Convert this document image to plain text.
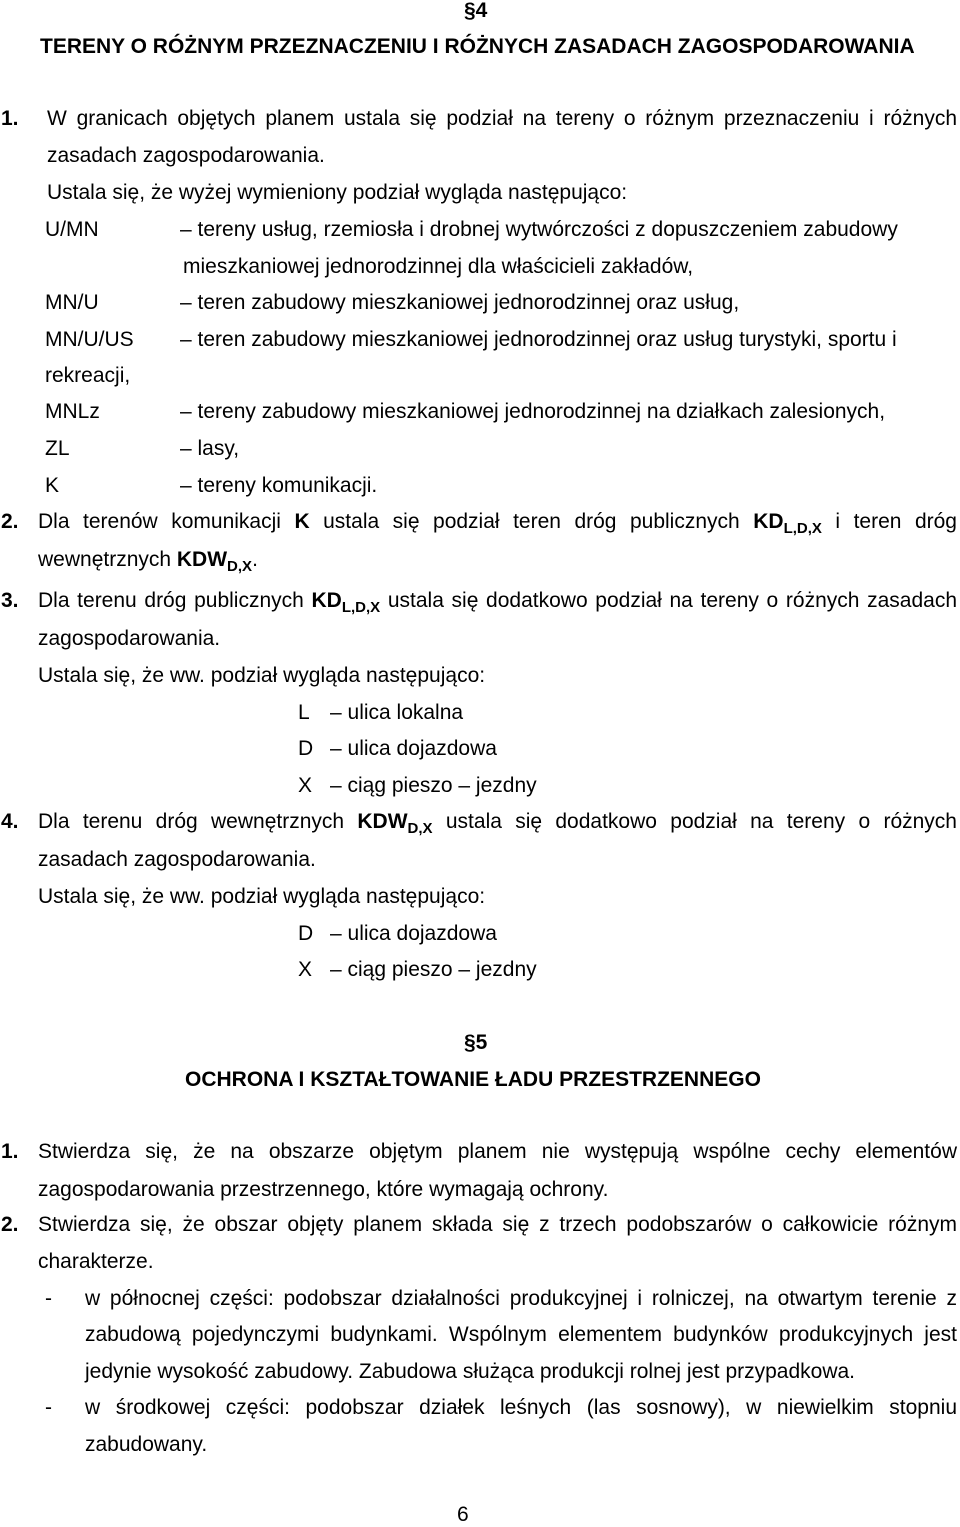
§4
TERENY O RÓŻNYM PRZEZNACZENIU I RÓŻNYCH ZASADACH ZAGOSPODAROWANIA
1. W granicach objętych planem ustala się podział na tereny o różnym przeznaczeniu i różnych
zasadach zagospodarowania.
Ustala się, że wyżej wymieniony podział wygląda następująco:
U/MN	– tereny usług, rzemiosła i drobnej wytwórczości z dopuszczeniem zabudowy
mieszkaniowej jednorodzinnej dla właścicieli zakładów,
MN/U	– teren zabudowy mieszkaniowej jednorodzinnej oraz usług,
MN/U/US – teren zabudowy mieszkaniowej jednorodzinnej oraz usług turystyki, sportu i
rekreacji,
MNLz	– tereny zabudowy mieszkaniowej jednorodzinnej na działkach zalesionych,
ZL	– lasy,
K	– tereny komunikacji.
2. Dla terenów komunikacji K ustala się podział teren dróg publicznych $KD_{L,D,X}$ i teren dróg
wewnętrznych $KDW_{D,X}$.
3. Dla terenu dróg publicznych $KD_{L,D,X}$ ustala się dodatkowo podział na tereny o różnych zasadach
zagospodarowania.
Ustala się, że ww. podział wygląda następująco:
L – ulica lokalna
D – ulica dojazdowa
X – ciąg pieszo – jezdny
4. Dla terenu dróg wewnętrznych $KDW_{D,X}$ ustala się dodatkowo podział na tereny o różnych
zasadach zagospodarowania.
Ustala się, że ww. podział wygląda następująco:
D – ulica dojazdowa
X – ciąg pieszo – jezdny
§5
OCHRONA I KSZTAŁTOWANIE ŁADU PRZESTRZENNEGO
1. Stwierdza się, że na obszarze objętym planem nie występują wspólne cechy elementów
zagospodarowania przestrzennego, które wymagają ochrony.
2. Stwierdza się, że obszar objęty planem składa się z trzech podobszarów o całkowicie różnym
charakterze.
- w północnej części: podobszar działalności produkcyjnej i rolniczej, na otwartym terenie z
zabudową pojedynczymi budynkami. Wspólnym elementem budynków produkcyjnych jest
jedynie wysokość zabudowy. Zabudowa służąca produkcji rolnej jest przypadkowa.
- w środkowej części: podobszar działek leśnych (las sosnowy), w niewielkim stopniu
zabudowany.
6
